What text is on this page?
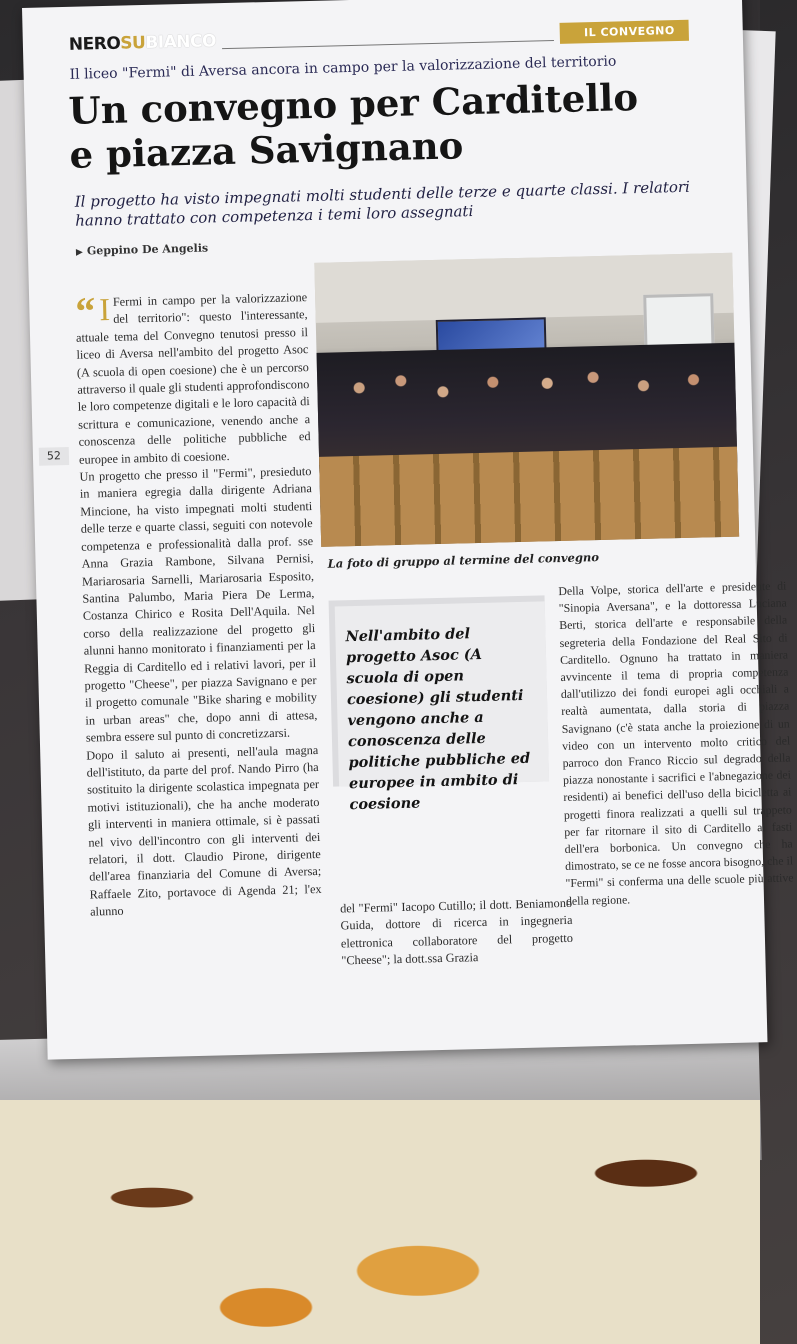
NEROSUBIANCO
IL CONVEGNO
Il liceo "Fermi" di Aversa ancora in campo per la valorizzazione del territorio
Un convegno per Carditello
e piazza Savignano
Il progetto ha visto impegnati molti studenti delle terze e quarte classi. I relatori hanno trattato con competenza i temi loro assegnati
▶ Geppino De Angelis
52

“ I Fermi in campo per la valorizzazione del territorio": questo l'interessante, attuale tema del Convegno tenutosi presso il liceo di Aversa nell'ambito del progetto Asoc (A scuola di open coesione) che è un percorso attraverso il quale gli studenti approfondiscono le loro competenze digitali e le loro capacità di scrittura e comunicazione, venendo anche a conoscenza delle politiche pubbliche ed europee in ambito di coesione.

Un progetto che presso il "Fermi", presieduto in maniera egregia dalla dirigente Adriana Mincione, ha visto impegnati molti studenti delle terze e quarte classi, seguiti con notevole competenza e professionalità dalla prof. sse Anna Grazia Rambone, Silvana Pernisi, Mariarosaria Sarnelli, Mariarosaria Esposito, Santina Palumbo, Maria Piera De Lerma, Costanza Chirico e Rosita Dell'Aquila. Nel corso della realizzazione del progetto gli alunni hanno monitorato i finanziamenti per la Reggia di Carditello ed i relativi lavori, per il progetto "Cheese", per piazza Savignano e per il progetto comunale "Bike sharing e mobility in urban areas" che, dopo anni di attesa, sembra essere sul punto di concretizzarsi.

Dopo il saluto ai presenti, nell'aula magna dell'istituto, da parte del prof. Nando Pirro (ha sostituito la dirigente scolastica impegnata per motivi istituzionali), che ha anche moderato gli interventi in maniera ottimale, si è passati nel vivo dell'incontro con gli interventi dei relatori, il dott. Claudio Pirone, dirigente dell'area finanziaria del Comune di Aversa; Raffaele Zito, portavoce di Agenda 21; l'ex alunno

La foto di gruppo al termine del convegno
Nell'ambito del progetto Asoc (A scuola di open coesione) gli studenti vengono anche a conoscenza delle politiche pubbliche ed europee in ambito di coesione

del "Fermi" Iacopo Cutillo; il dott. Beniamono Guida, dottore di ricerca in ingegneria elettronica collaboratore del progetto "Cheese"; la dott.ssa Grazia

Della Volpe, storica dell'arte e presidente di "Sinopia Aversana", e la dottoressa Luciana Berti, storica dell'arte e responsabile della segreteria della Fondazione del Real Sito di Carditello. Ognuno ha trattato in maniera avvincente il tema di propria competenza dall'utilizzo dei fondi europei agli occhiali a realtà aumentata, dalla storia di piazza Savignano (c'è stata anche la proiezione di un video con un intervento molto critico del parroco don Franco Riccio sul degrado della piazza nonostante i sacrifici e l'abnegazione dei residenti) ai benefici dell'uso della bicicletta ai progetti finora realizzati a quelli sul trappeto per far ritornare il sito di Carditello ai fasti dell'era borbonica. Un convegno che ha dimostrato, se ce ne fosse ancora bisogno, che il "Fermi" si conferma una delle scuole più attive della regione.
